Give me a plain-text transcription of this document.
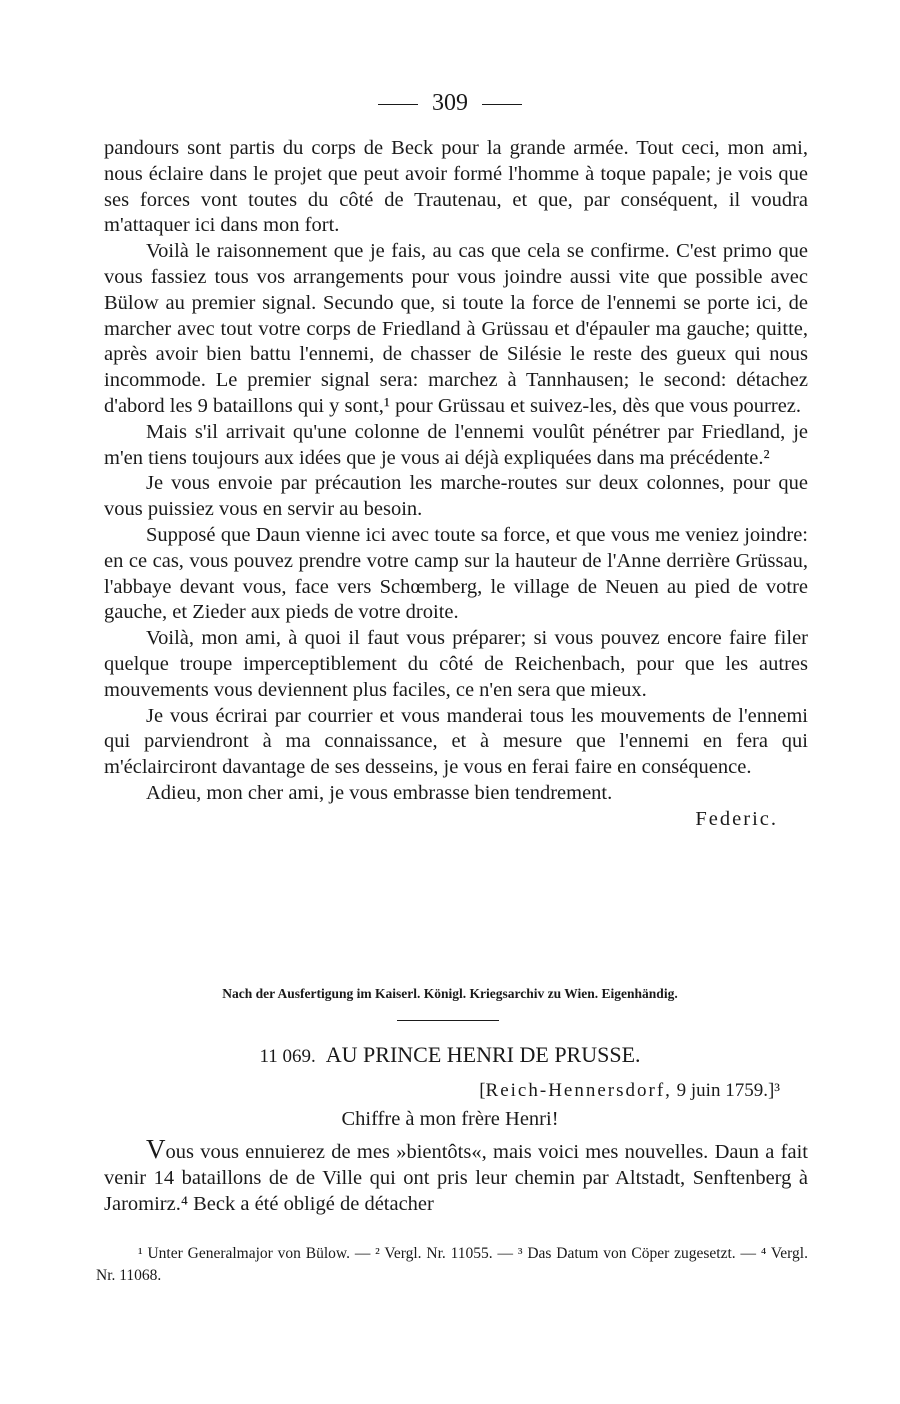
309

pandours sont partis du corps de Beck pour la grande armée. Tout ceci, mon ami, nous éclaire dans le projet que peut avoir formé l'homme à toque papale; je vois que ses forces vont toutes du côté de Trautenau, et que, par conséquent, il voudra m'attaquer ici dans mon fort.

Voilà le raisonnement que je fais, au cas que cela se confirme. C'est primo que vous fassiez tous vos arrangements pour vous joindre aussi vite que possible avec Bülow au premier signal. Secundo que, si toute la force de l'ennemi se porte ici, de marcher avec tout votre corps de Friedland à Grüssau et d'épauler ma gauche; quitte, après avoir bien battu l'ennemi, de chasser de Silésie le reste des gueux qui nous incommode. Le premier signal sera: marchez à Tannhausen; le second: détachez d'abord les 9 bataillons qui y sont,¹ pour Grüssau et suivez-les, dès que vous pourrez.

Mais s'il arrivait qu'une colonne de l'ennemi voulût pénétrer par Friedland, je m'en tiens toujours aux idées que je vous ai déjà expliquées dans ma précédente.²

Je vous envoie par précaution les marche-routes sur deux colonnes, pour que vous puissiez vous en servir au besoin.

Supposé que Daun vienne ici avec toute sa force, et que vous me veniez joindre: en ce cas, vous pouvez prendre votre camp sur la hauteur de l'Anne derrière Grüssau, l'abbaye devant vous, face vers Schœmberg, le village de Neuen au pied de votre gauche, et Zieder aux pieds de votre droite.

Voilà, mon ami, à quoi il faut vous préparer; si vous pouvez encore faire filer quelque troupe imperceptiblement du côté de Reichenbach, pour que les autres mouvements vous deviennent plus faciles, ce n'en sera que mieux.

Je vous écrirai par courrier et vous manderai tous les mouvements de l'ennemi qui parviendront à ma connaissance, et à mesure que l'ennemi en fera qui m'éclairciront davantage de ses desseins, je vous en ferai faire en conséquence.

Adieu, mon cher ami, je vous embrasse bien tendrement.

Federic.
Nach der Ausfertigung im Kaiserl. Königl. Kriegsarchiv zu Wien. Eigenhändig.
11 069. AU PRINCE HENRI DE PRUSSE.
[Reich-Hennersdorf, 9 juin 1759.]³
Chiffre à mon frère Henri!

Vous vous ennuierez de mes »bientôts«, mais voici mes nouvelles. Daun a fait venir 14 bataillons de de Ville qui ont pris leur chemin par Altstadt, Senftenberg à Jaromirz.⁴ Beck a été obligé de détacher

¹ Unter Generalmajor von Bülow. — ² Vergl. Nr. 11055. — ³ Das Datum von Cöper zugesetzt. — ⁴ Vergl. Nr. 11068.
